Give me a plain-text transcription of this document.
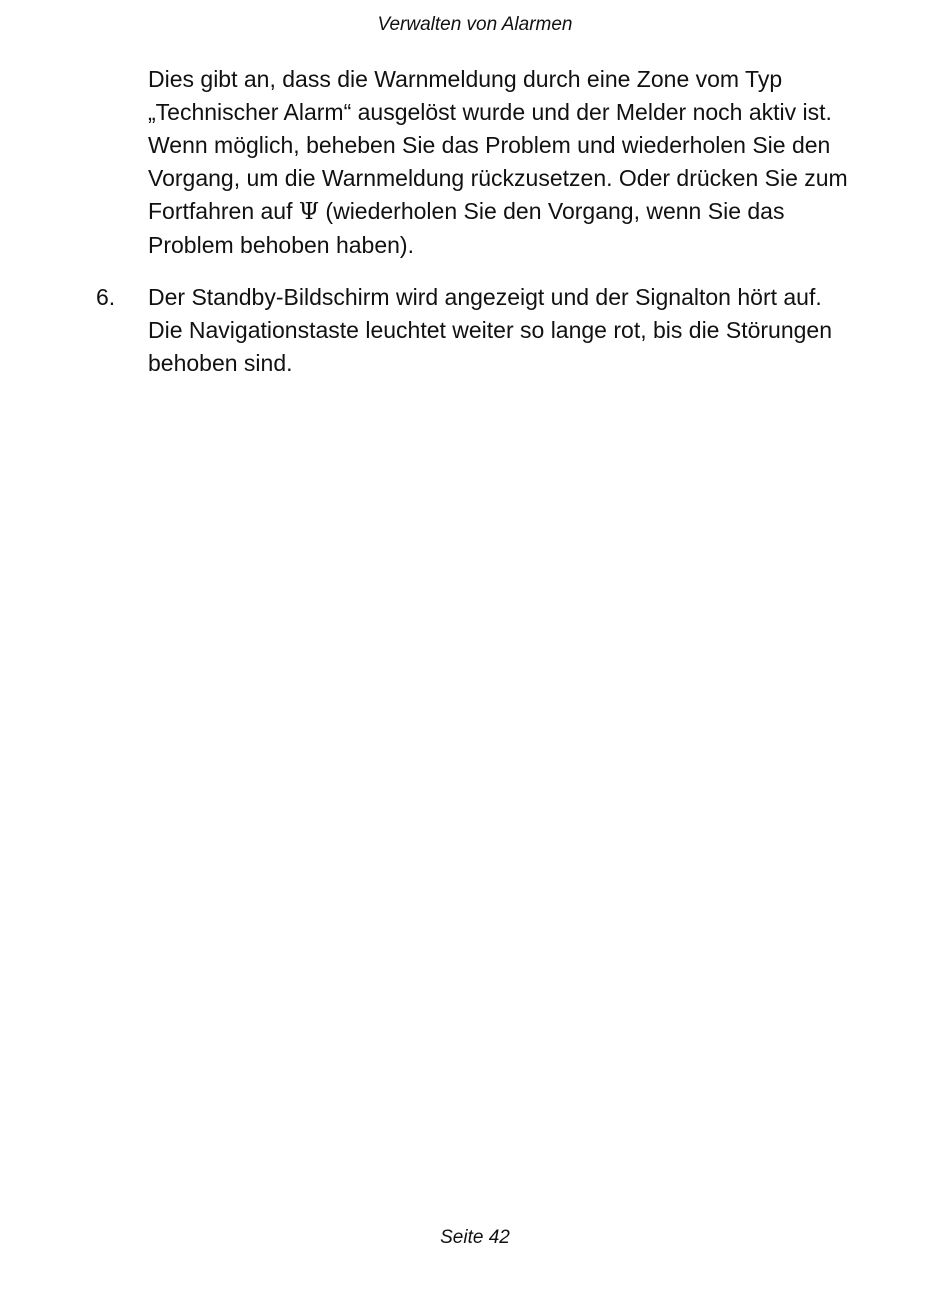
Verwalten von Alarmen
Dies gibt an, dass die Warnmeldung durch eine Zone vom Typ
„Technischer Alarm“ ausgelöst wurde und der Melder noch aktiv ist.
Wenn möglich, beheben Sie das Problem und wiederholen Sie den
Vorgang, um die Warnmeldung rückzusetzen. Oder drücken Sie zum
Fortfahren auf Ψ (wiederholen Sie den Vorgang, wenn Sie das
Problem behoben haben).
6.	Der Standby-Bildschirm wird angezeigt und der Signalton hört auf.
Die Navigationstaste leuchtet weiter so lange rot, bis die Störungen
behoben sind.
Seite 42
